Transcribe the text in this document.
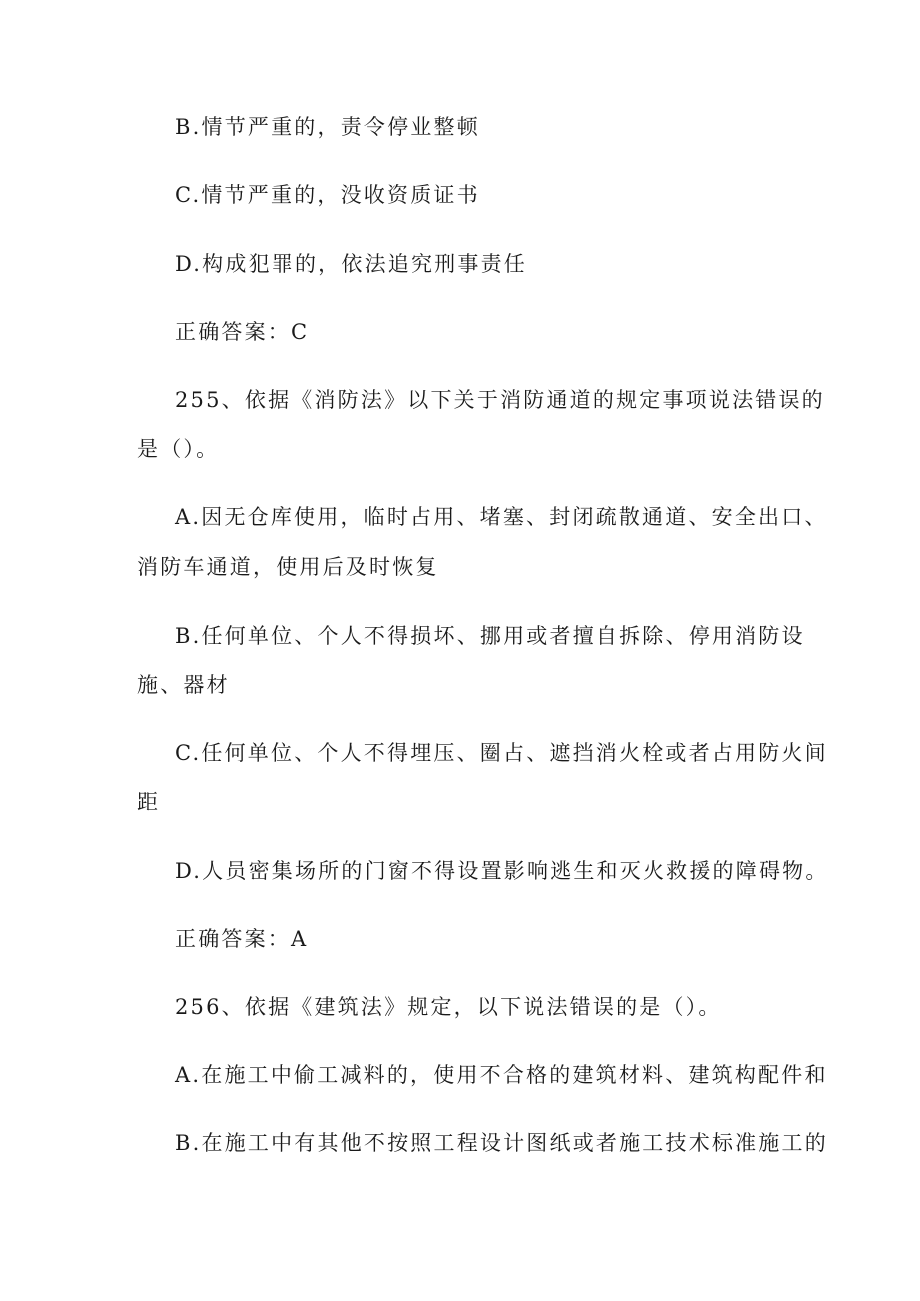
B.情节严重的，责令停业整顿
C.情节严重的，没收资质证书
D.构成犯罪的，依法追究刑事责任
正确答案：C
255、依据《消防法》以下关于消防通道的规定事项说法错误的
是（）。
A.因无仓库使用，临时占用、堵塞、封闭疏散通道、安全出口、
消防车通道，使用后及时恢复
B.任何单位、个人不得损坏、挪用或者擅自拆除、停用消防设
施、器材
C.任何单位、个人不得埋压、圈占、遮挡消火栓或者占用防火间
距
D.人员密集场所的门窗不得设置影响逃生和灭火救援的障碍物。
正确答案：A
256、依据《建筑法》规定，以下说法错误的是（）。
A.在施工中偷工减料的，使用不合格的建筑材料、建筑构配件和
B.在施工中有其他不按照工程设计图纸或者施工技术标准施工的
